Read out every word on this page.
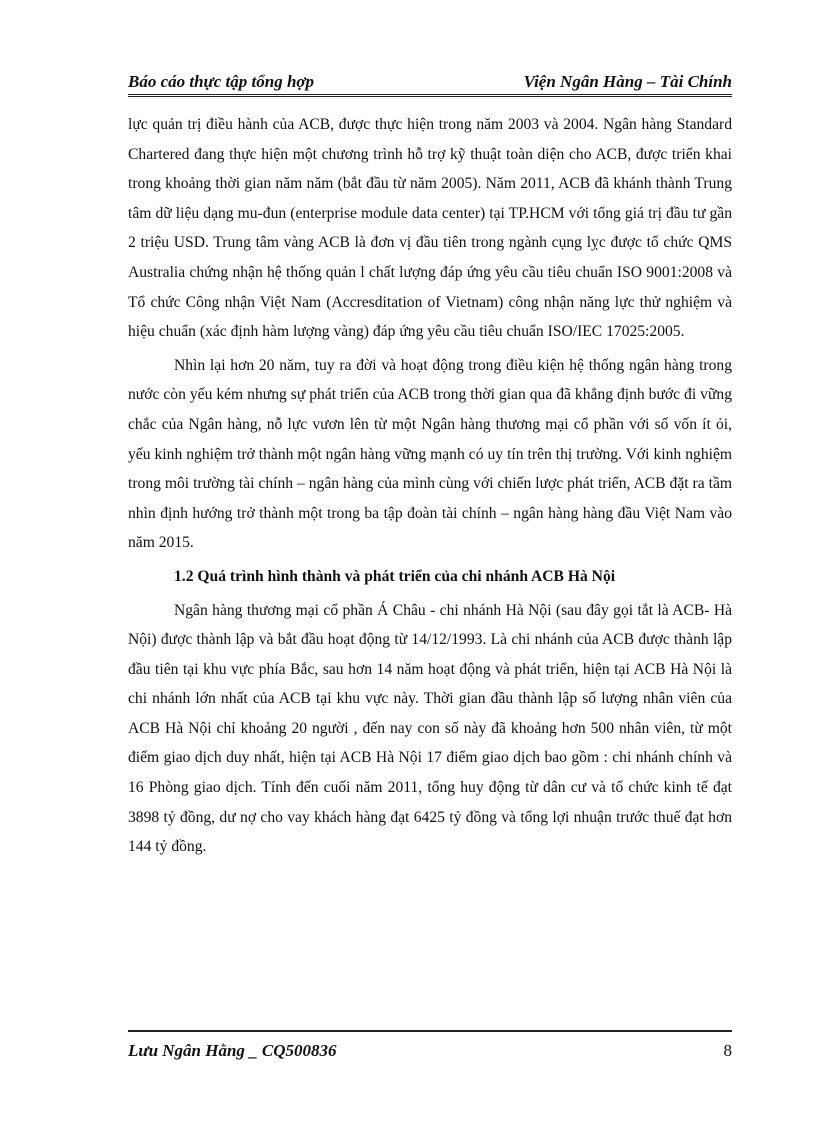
Báo cáo thực tập tổng hợp	Viện Ngân Hàng – Tài Chính

lực quản trị điều hành của ACB, được thực hiện trong năm 2003 và 2004. Ngân hàng Standard Chartered đang thực hiện một chương trình hỗ trợ kỹ thuật toàn diện cho ACB, được triển khai trong khoảng thời gian năm năm (bắt đầu từ năm 2005). Năm 2011, ACB đã khánh thành Trung tâm dữ liệu dạng mu-đun (enterprise module data center) tại TP.HCM với tổng giá trị đầu tư gần 2 triệu USD. Trung tâm vàng ACB là đơn vị đầu tiên trong ngành cụng lỵc được tổ chức QMS Australia chứng nhận hệ thống quản l chất lượng đáp ứng yêu cầu tiêu chuẩn ISO 9001:2008 và Tổ chức Công nhận Việt Nam (Accresditation of Vietnam) công nhận năng lực thử nghiệm và hiệu chuẩn (xác định hàm lượng vàng) đáp ứng yêu cầu tiêu chuẩn ISO/IEC 17025:2005.

Nhìn lại hơn 20 năm, tuy ra đời và hoạt động trong điều kiện hệ thống ngân hàng trong nước còn yếu kém nhưng sự phát triển của ACB trong thời gian qua đã khẳng định bước đi vững chắc của Ngân hàng, nỗ lực vươn lên từ một Ngân hàng thương mại cổ phần với số vốn ít ỏi, yếu kinh nghiệm trở thành một ngân hàng vững mạnh có uy tín trên thị trường. Với kinh nghiệm trong môi trường tài chính – ngân hàng của mình cùng với chiến lược phát triển, ACB đặt ra tầm nhìn định hướng trở thành một trong ba tập đoàn tài chính – ngân hàng hàng đầu Việt Nam vào năm 2015.

1.2 Quá trình hình thành và phát triển của chi nhánh ACB Hà Nội

Ngân hàng thương mại cổ phần Á Châu - chi nhánh Hà Nội (sau đây gọi tắt là ACB- Hà Nội) được thành lập và bắt đầu hoạt động từ 14/12/1993. Là chi nhánh của ACB được thành lập đầu tiên tại khu vực phía Bắc, sau hơn 14 năm hoạt động và phát triển, hiện tại ACB Hà Nội là chi nhánh lớn nhất của ACB tại khu vực này. Thời gian đầu thành lập số lượng nhân viên của ACB Hà Nội chỉ khoảng 20 người , đến nay con số này đã khoảng hơn 500 nhân viên, từ một điểm giao dịch duy nhất, hiện tại ACB Hà Nội 17 điểm giao dịch bao gồm : chi nhánh chính và 16 Phòng giao dịch. Tính đến cuối năm 2011, tổng huy động từ dân cư và tổ chức kinh tế đạt 3898 tỷ đồng, dư nợ cho vay khách hàng đạt 6425 tỷ đồng và tổng lợi nhuận trước thuế đạt hơn 144 tỷ đồng.

Lưu Ngân Hằng _ CQ500836	8
